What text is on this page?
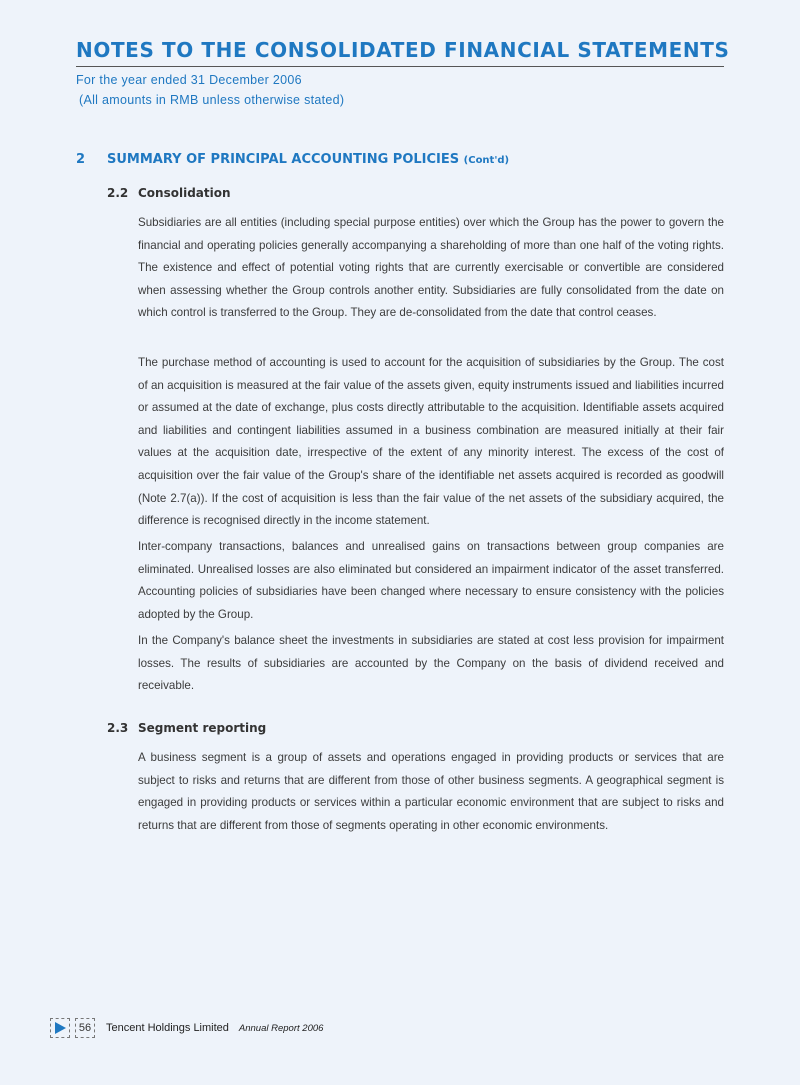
NOTES TO THE CONSOLIDATED FINANCIAL STATEMENTS
For the year ended 31 December 2006
(All amounts in RMB unless otherwise stated)
2 SUMMARY OF PRINCIPAL ACCOUNTING POLICIES (Cont'd)
2.2 Consolidation

Subsidiaries are all entities (including special purpose entities) over which the Group has the power to govern the financial and operating policies generally accompanying a shareholding of more than one half of the voting rights. The existence and effect of potential voting rights that are currently exercisable or convertible are considered when assessing whether the Group controls another entity. Subsidiaries are fully consolidated from the date on which control is transferred to the Group. They are de-consolidated from the date that control ceases.

The purchase method of accounting is used to account for the acquisition of subsidiaries by the Group. The cost of an acquisition is measured at the fair value of the assets given, equity instruments issued and liabilities incurred or assumed at the date of exchange, plus costs directly attributable to the acquisition. Identifiable assets acquired and liabilities and contingent liabilities assumed in a business combination are measured initially at their fair values at the acquisition date, irrespective of the extent of any minority interest. The excess of the cost of acquisition over the fair value of the Group's share of the identifiable net assets acquired is recorded as goodwill (Note 2.7(a)). If the cost of acquisition is less than the fair value of the net assets of the subsidiary acquired, the difference is recognised directly in the income statement.

Inter-company transactions, balances and unrealised gains on transactions between group companies are eliminated. Unrealised losses are also eliminated but considered an impairment indicator of the asset transferred. Accounting policies of subsidiaries have been changed where necessary to ensure consistency with the policies adopted by the Group.

In the Company's balance sheet the investments in subsidiaries are stated at cost less provision for impairment losses. The results of subsidiaries are accounted by the Company on the basis of dividend received and receivable.

2.3 Segment reporting

A business segment is a group of assets and operations engaged in providing products or services that are subject to risks and returns that are different from those of other business segments. A geographical segment is engaged in providing products or services within a particular economic environment that are subject to risks and returns that are different from those of segments operating in other economic environments.

56	Tencent Holdings Limited Annual Report 2006
